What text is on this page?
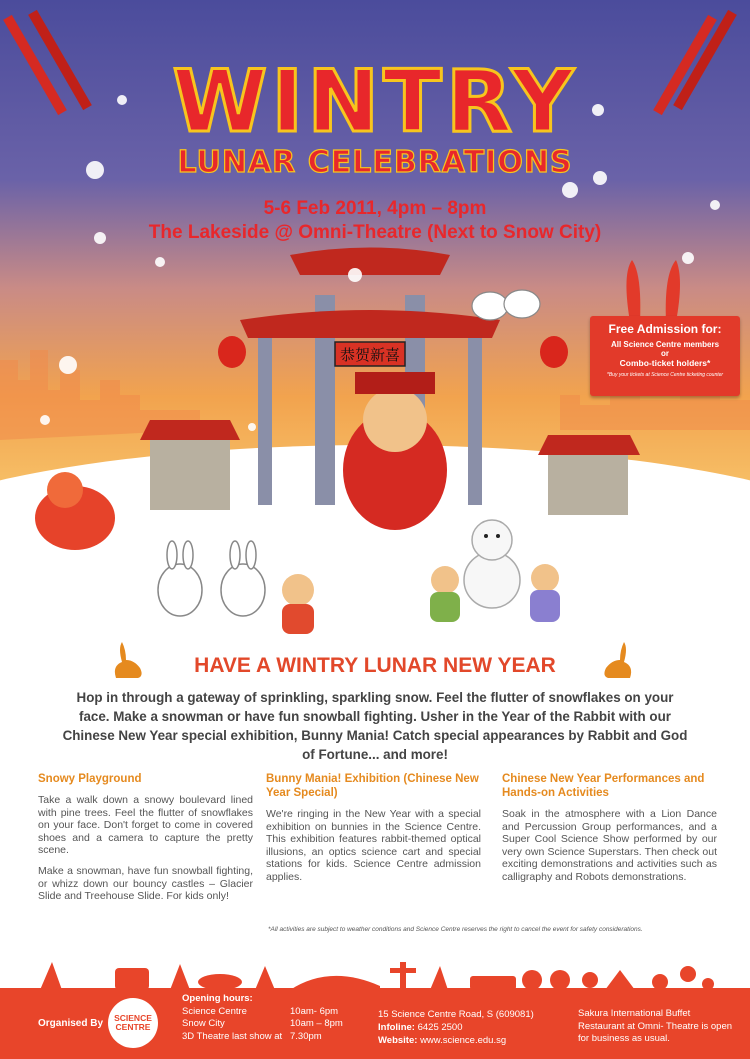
恭贺新喜
WINTRY
LUNAR CELEBRATIONS
5-6 Feb 2011, 4pm – 8pm
The Lakeside @ Omni-Theatre (Next to Snow City)
Free Admission for:
All Science Centre members
or
Combo-ticket holders*
*Buy your tickets at Science Centre ticketing counter
HAVE A WINTRY LUNAR NEW YEAR
Hop in through a gateway of sprinkling, sparkling snow. Feel the flutter of snowflakes on your face. Make a snowman or have fun snowball fighting. Usher in the Year of the Rabbit with our Chinese New Year special exhibition, Bunny Mania! Catch special appearances by Rabbit and God of Fortune... and more!
Snowy Playground

Take a walk down a snowy boulevard lined with pine trees. Feel the flutter of snowflakes on your face. Don't forget to come in covered shoes and a camera to capture the pretty scene.

Make a snowman, have fun snowball fighting, or whizz down our bouncy castles – Glacier Slide and Treehouse Slide. For kids only!

Bunny Mania! Exhibition (Chinese New Year Special)

We're ringing in the New Year with a special exhibition on bunnies in the Science Centre. This exhibition features rabbit-themed optical illusions, an optics science cart and special stations for kids. Science Centre admission applies.

Chinese New Year Performances and Hands-on Activities

Soak in the atmosphere with a Lion Dance and Percussion Group performances, and a Super Cool Science Show performed by our very own Science Superstars. Then check out exciting demonstrations and activities such as calligraphy and Robots demonstrations.

*All activities are subject to weather conditions and Science Centre reserves the right to cancel the event for safety considerations.
Organised By	SCIENCE CENTRE
Opening hours:
Science Centre	10am- 6pm
Snow City	10am – 8pm
3D Theatre last show at 7.30pm
15 Science Centre Road, S (609081)
Infoline: 6425 2500
Website: www.science.edu.sg
Sakura International Buffet Restaurant at Omni- Theatre is open for business as usual.
